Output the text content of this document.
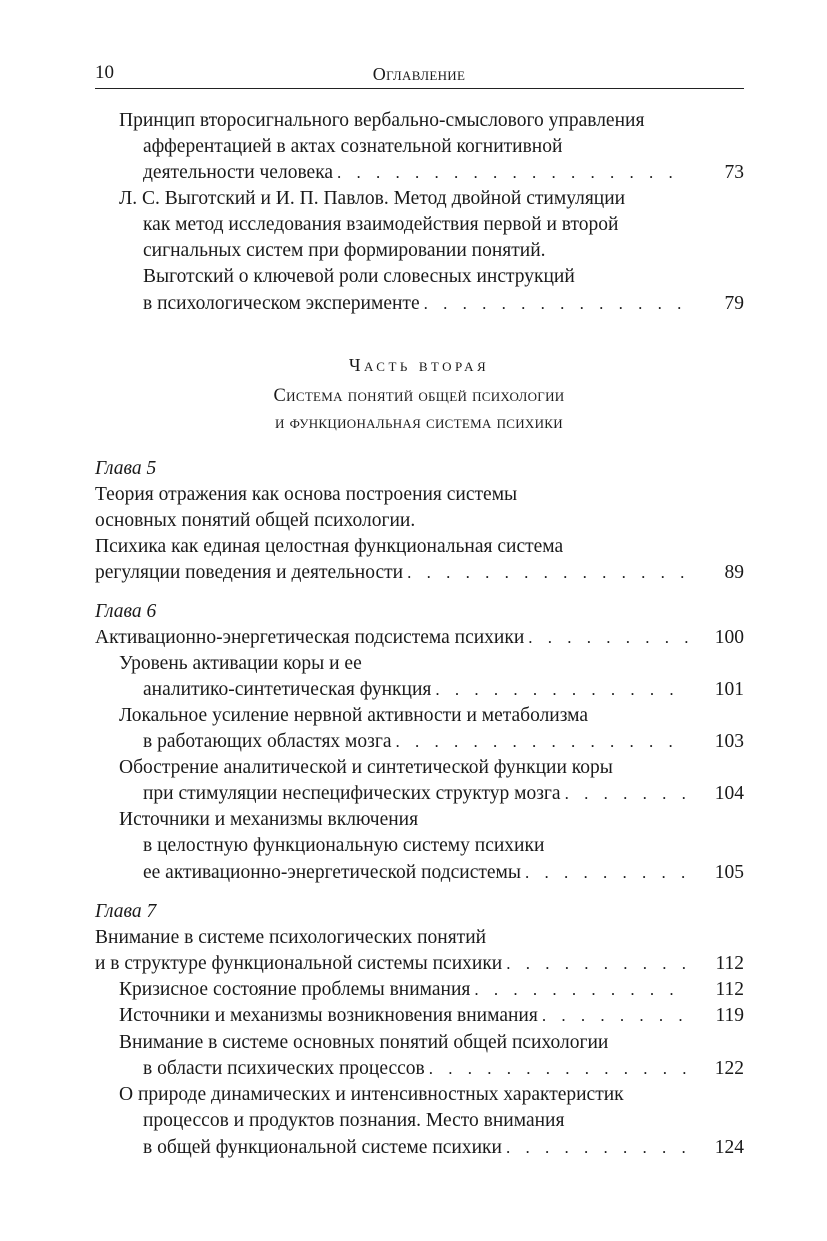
10	Оглавление
Принцип второсигнального вербально-смыслового управления
афферентацией в актах сознательной когнитивной
деятельности человека . . .	73
Л. С. Выготский и И. П. Павлов. Метод двойной стимуляции
как метод исследования взаимодействия первой и второй
сигнальных систем при формировании понятий.
Выготский о ключевой роли словесных инструкций
в психологическом эксперименте . . .	79
Часть вторая
Система понятий общей психологии
и функциональная система психики
Глава 5
Теория отражения как основа построения системы
основных понятий общей психологии.
Психика как единая целостная функциональная система
регуляции поведения и деятельности . . .	89
Глава 6
Активационно-энергетическая подсистема психики . . .	100
Уровень активации коры и ее
аналитико-синтетическая функция . . .	101
Локальное усиление нервной активности и метаболизма
в работающих областях мозга . . .	103
Обострение аналитической и синтетической функции коры
при стимуляции неспецифических структур мозга . . .	104
Источники и механизмы включения
в целостную функциональную систему психики
ее активационно-энергетической подсистемы . . .	105
Глава 7
Внимание в системе психологических понятий
и в структуре функциональной системы психики . . .	112
Кризисное состояние проблемы внимания . . .	112
Источники и механизмы возникновения внимания . . .	119
Внимание в системе основных понятий общей психологии
в области психических процессов . . .	122
О природе динамических и интенсивностных характеристик
процессов и продуктов познания. Место внимания
в общей функциональной системе психики . . .	124
